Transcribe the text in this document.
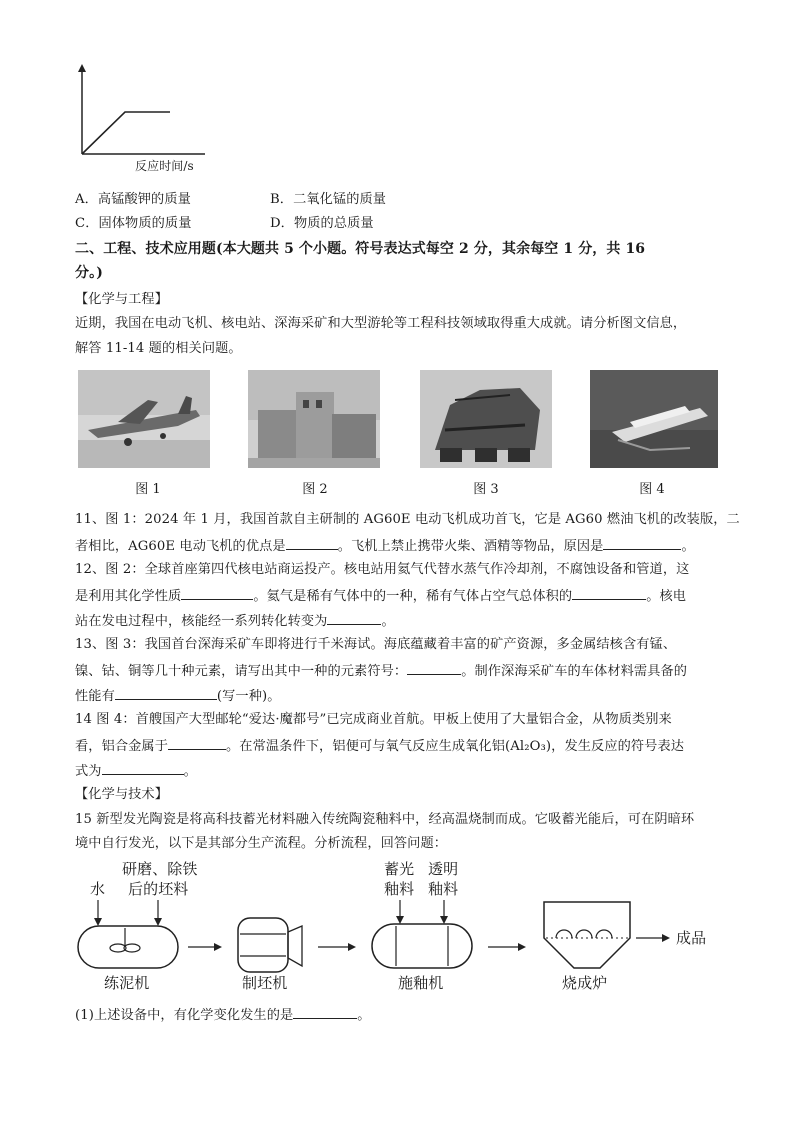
反应时间/s
A．高锰酸钾的质量	B．二氧化锰的质量
C．固体物质的质量	D．物质的总质量
二、工程、技术应用题(本大题共 5 个小题。符号表达式每空 2 分，其余每空 1 分，共 16
分。)
【化学与工程】
近期，我国在电动飞机、核电站、深海采矿和大型游轮等工程科技领域取得重大成就。请分析图文信息，
解答 11-14 题的相关问题。
图 1	图 2	图 3	图 4
11、图 1：2024 年 1 月，我国首款自主研制的 AG60E 电动飞机成功首飞，它是 AG60 燃油飞机的改装版，二
者相比，AG60E 电动飞机的优点是	。飞机上禁止携带火柴、酒精等物品，原因是	。
12、图 2：全球首座第四代核电站商运投产。核电站用氦气代替水蒸气作冷却剂，不腐蚀设备和管道，这
是利用其化学性质	。氦气是稀有气体中的一种，稀有气体占空气总体积的	。核电
站在发电过程中，核能经一系列转化转变为	。
13、图 3：我国首台深海采矿车即将进行千米海试。海底蕴藏着丰富的矿产资源，多金属结核含有锰、
镍、钴、铜等几十种元素，请写出其中一种的元素符号：	。制作深海采矿车的车体材料需具备的
性能有	(写一种)。
14 图 4：首艘国产大型邮轮“爱达·魔都号”已完成商业首航。甲板上使用了大量铝合金，从物质类别来
看，铝合金属于	。在常温条件下，铝便可与氧气反应生成氧化铝(Al₂O₃)，发生反应的符号表达
式为	。
【化学与技术】
15 新型发光陶瓷是将高科技蓄光材料融入传统陶瓷釉料中，经高温烧制而成。它吸蓄光能后，可在阴暗环
境中自行发光，以下是其部分生产流程。分析流程，回答问题：
水
研磨、除铁
后的坯料
蓄光
釉料
透明
釉料
练泥机	制坯机	施釉机	烧成炉
成品
(1)上述设备中，有化学变化发生的是	。
